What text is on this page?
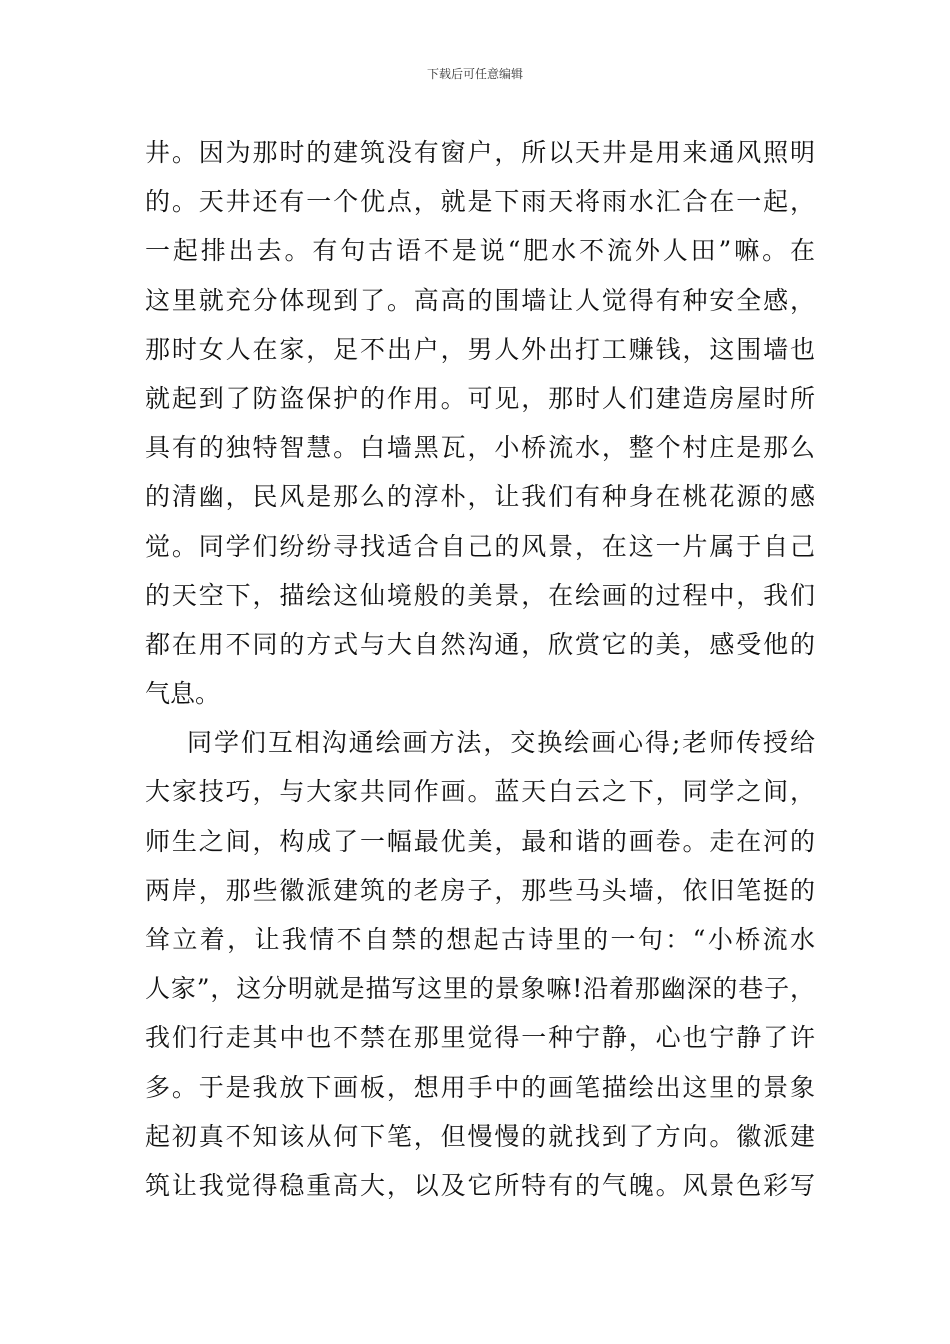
下载后可任意编辑
井。因为那时的建筑没有窗户，所以天井是用来通风照明
的。天井还有一个优点，就是下雨天将雨水汇合在一起，
一起排出去。有句古语不是说“肥水不流外人田”嘛。在
这里就充分体现到了。高高的围墙让人觉得有种安全感，
那时女人在家，足不出户，男人外出打工赚钱，这围墙也
就起到了防盗保护的作用。可见，那时人们建造房屋时所
具有的独特智慧。白墙黑瓦，小桥流水，整个村庄是那么
的清幽，民风是那么的淳朴，让我们有种身在桃花源的感
觉。同学们纷纷寻找适合自己的风景，在这一片属于自己
的天空下，描绘这仙境般的美景，在绘画的过程中，我们
都在用不同的方式与大自然沟通，欣赏它的美，感受他的
气息。
同学们互相沟通绘画方法，交换绘画心得;老师传授给
大家技巧，与大家共同作画。蓝天白云之下，同学之间，
师生之间，构成了一幅最优美，最和谐的画卷。走在河的
两岸，那些徽派建筑的老房子，那些马头墙，依旧笔挺的
耸立着，让我情不自禁的想起古诗里的一句：“小桥流水
人家”，这分明就是描写这里的景象嘛!沿着那幽深的巷子，
我们行走其中也不禁在那里觉得一种宁静，心也宁静了许
多。于是我放下画板，想用手中的画笔描绘出这里的景象
起初真不知该从何下笔，但慢慢的就找到了方向。徽派建
筑让我觉得稳重高大，以及它所特有的气魄。风景色彩写
